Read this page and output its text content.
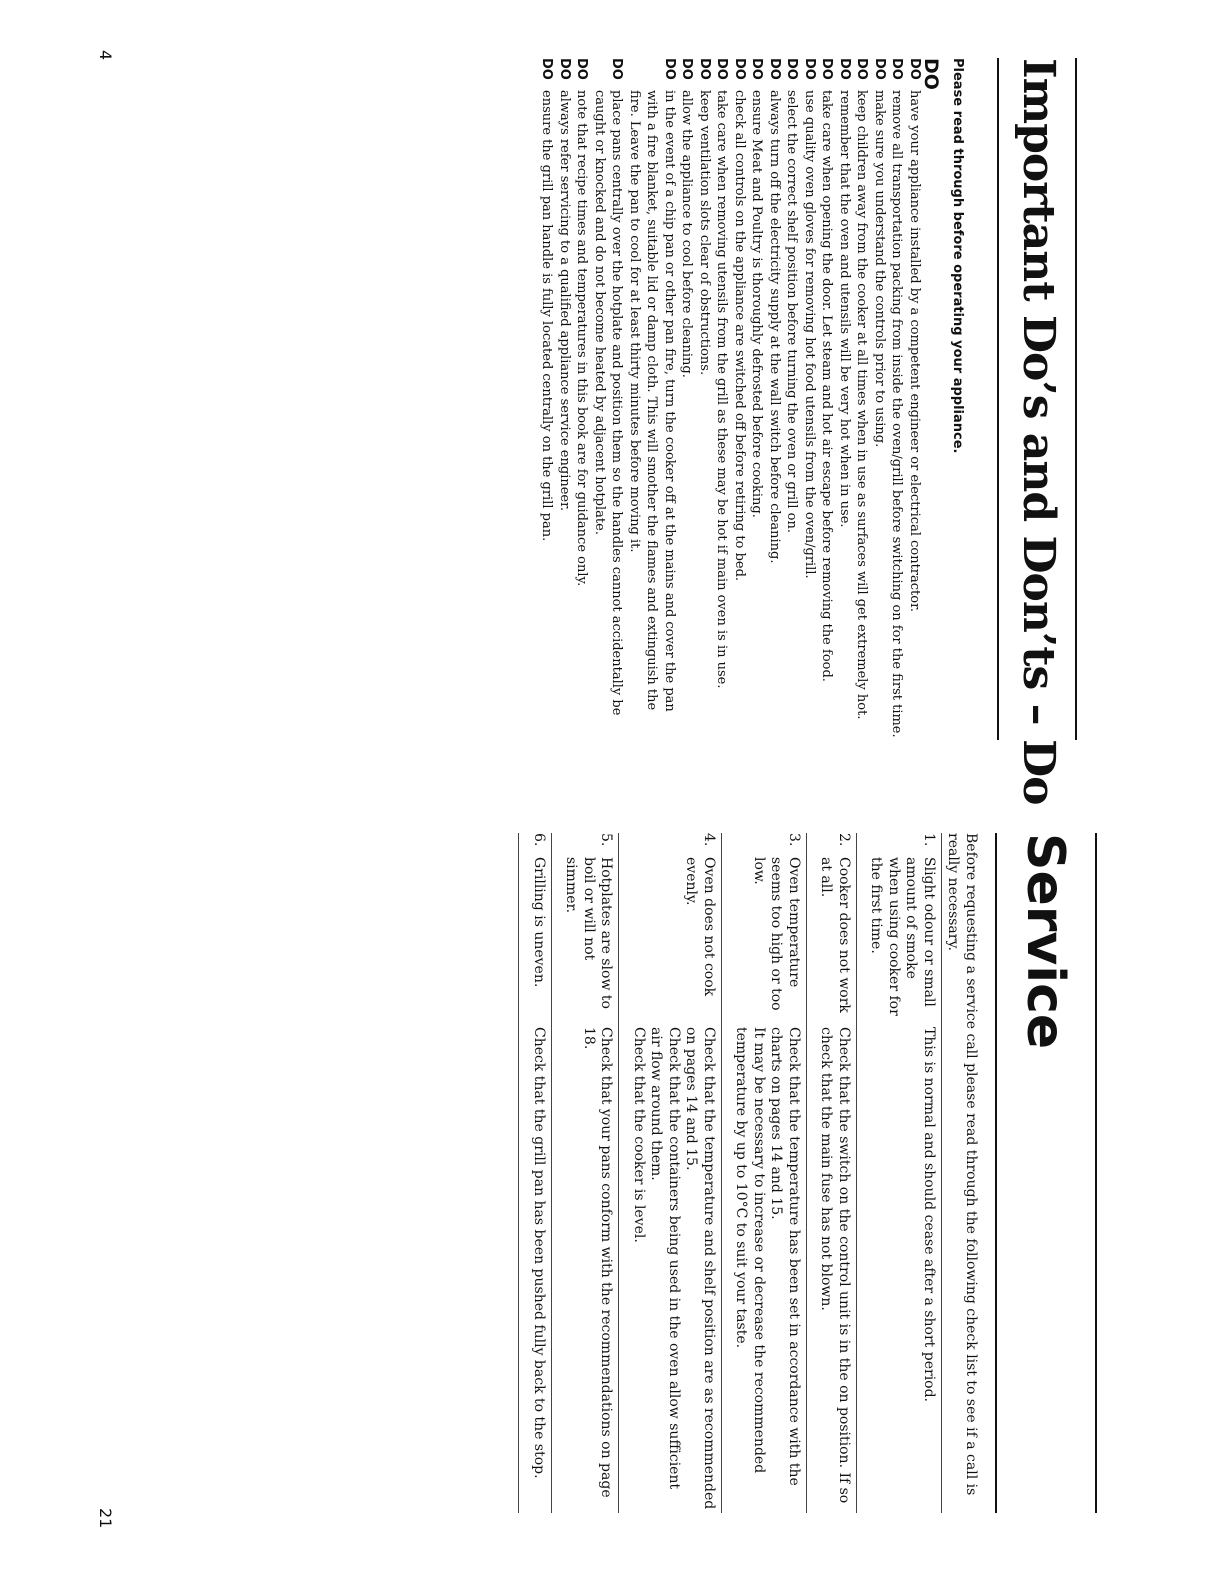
4
21
Important Do’s and Don’ts – Do
Please read through before operating your appliance.
DO
DO
have your appliance installed by a competent engineer or electrical contractor.
DO
remove all transportation packing from inside the oven/grill before switching on for the first time.
DO
make sure you understand the controls prior to using.
DO
keep children away from the cooker at all times when in use as surfaces will get extremely hot.
DO
remember that the oven and utensils will be very hot when in use.
DO
take care when opening the door. Let steam and hot air escape before removing the food.
DO
use quality oven gloves for removing hot food utensils from the oven/grill.
DO
select the correct shelf position before turning the oven or grill on.
DO
always turn off the electricity supply at the wall switch before cleaning.
DO
ensure Meat and Poultry is thoroughly defrosted before cooking.
DO
check all controls on the appliance are switched off before retiring to bed.
DO
take care when removing utensils from the grill as these may be hot if main oven is in use.
DO
keep ventilation slots clear of obstructions.
DO
allow the appliance to cool before cleaning.
DO
in the event of a chip pan or other pan fire, turn the cooker off at the mains and cover the pan with a fire blanket, suitable lid or damp cloth. This will smother the flames and extinguish the fire. Leave the pan to cool for at least thirty minutes before moving it.
DO
place pans centrally over the hotplate and position them so the handles cannot accidentally be caught or knocked and do not become heated by adjacent hotplate.
DO
note that recipe times and temperatures in this book are for guidance only.
DO
always refer servicing to a qualified appliance service engineer.
DO
ensure the grill pan handle is fully located centrally on the grill pan.
Service
Before requesting a service call please read through the following check list to see if a call is really necessary.
1.
Slight odour or small amount of smoke when using cooker for the first time.
This is normal and should cease after a short period.
2.
Cooker does not work at all.
Check that the switch on the control unit is in the on position. If so check that the main fuse has not blown.
3.
Oven temperature seems too high or too low.
Check that the temperature has been set in accordance with the charts on pages 14 and 15.
It may be necessary to increase or decrease the recommended temperature by up to 10°C to suit your taste.
4.
Oven does not cook evenly.
Check that the temperature and shelf position are as recommended on pages 14 and 15.
Check that the containers being used in the oven allow sufficient air flow around them.
Check that the cooker is level.
5.
Hotplates are slow to boil or will not simmer.
Check that your pans conform with the recommendations on page 18.
6.
Grilling is uneven.
Check that the grill pan has been pushed fully back to the stop.
